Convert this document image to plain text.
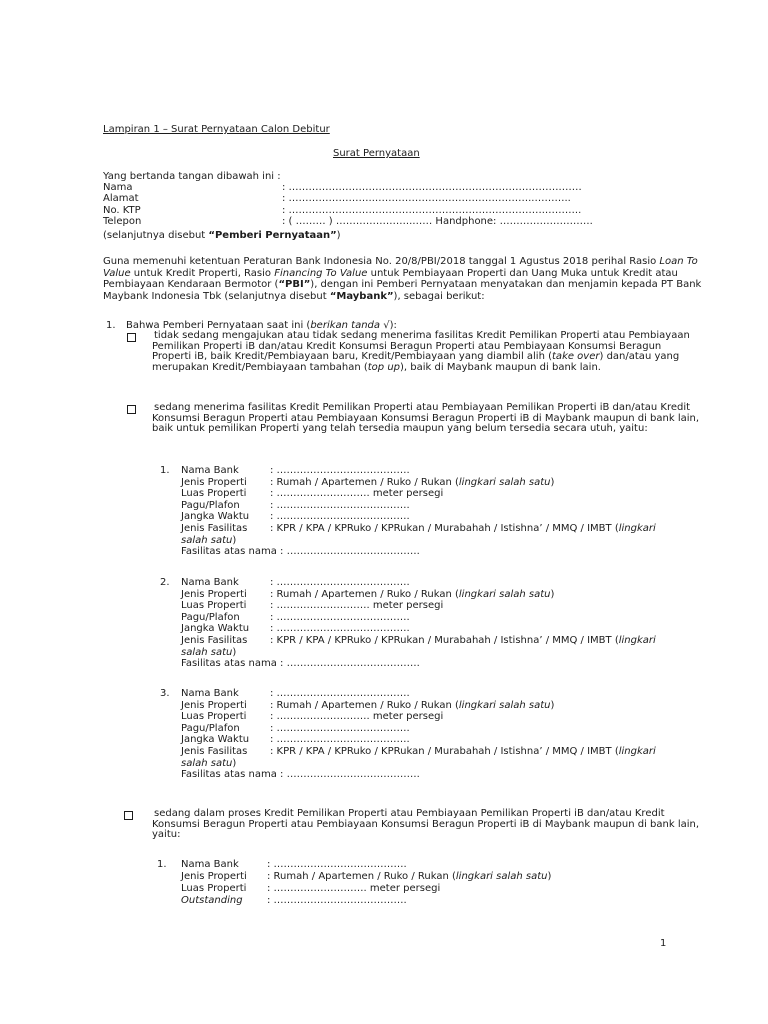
Lampiran 1 – Surat Pernyataan Calon Debitur
Surat Pernyataan
Yang bertanda tangan dibawah ini :
Nama	: ……………………………………………………………………….……
Alamat	: ……………………..……………………………….………..………..
No. KTP	: ……………………………………………………….………….………..
Telepon	: ( ……… ) …………………..…… Handphone: ……………………….
(selanjutnya disebut “Pemberi Pernyataan”)
Guna memenuhi ketentuan Peraturan Bank Indonesia No. 20/8/PBI/2018 tanggal 1 Agustus 2018 perihal Rasio Loan To Value untuk Kredit Properti, Rasio Financing To Value untuk Pembiayaan Properti dan Uang Muka untuk Kredit atau Pembiayaan Kendaraan Bermotor (“PBI”), dengan ini Pemberi Pernyataan menyatakan dan menjamin kepada PT Bank Maybank Indonesia Tbk (selanjutnya disebut “Maybank”), sebagai berikut:
1. Bahwa Pemberi Pernyataan saat ini (berikan tanda √):
tidak sedang mengajukan atau tidak sedang menerima fasilitas Kredit Pemilikan Properti atau Pembiayaan Pemilikan Properti iB dan/atau Kredit Konsumsi Beragun Properti atau Pembiayaan Konsumsi Beragun Properti iB, baik Kredit/Pembiayaan baru, Kredit/Pembiayaan yang diambil alih (take over) dan/atau yang merupakan Kredit/Pembiayaan tambahan (top up), baik di Maybank maupun di bank lain.
sedang menerima fasilitas Kredit Pemilikan Properti atau Pembiayaan Pemilikan Properti iB dan/atau Kredit Konsumsi Beragun Properti atau Pembiayaan Konsumsi Beragun Properti iB di Maybank maupun di bank lain, baik untuk pemilikan Properti yang telah tersedia maupun yang belum tersedia secara utuh, yaitu:
1. Nama Bank	: ………………………………….
Jenis Properti : Rumah / Apartemen / Ruko / Rukan (lingkari salah satu)
Luas Properti : ………………………. meter persegi
Pagu/Plafon	: ………………………………….
Jangka Waktu : ………………………………….
Jenis Fasilitas : KPR / KPA / KPRuko / KPRukan / Murabahah / Istishna’ / MMQ / IMBT (lingkari
salah satu)
Fasilitas atas nama : ………………………………….
2. Nama Bank	: ………………………………….
Jenis Properti : Rumah / Apartemen / Ruko / Rukan (lingkari salah satu)
Luas Properti : ………………………. meter persegi
Pagu/Plafon	: ………………………………….
Jangka Waktu : ………………………………….
Jenis Fasilitas : KPR / KPA / KPRuko / KPRukan / Murabahah / Istishna’ / MMQ / IMBT (lingkari
salah satu)
Fasilitas atas nama : ………………………………….
3. Nama Bank	: ………………………………….
Jenis Properti : Rumah / Apartemen / Ruko / Rukan (lingkari salah satu)
Luas Properti : ………………………. meter persegi
Pagu/Plafon	: ………………………………….
Jangka Waktu : ………………………………….
Jenis Fasilitas : KPR / KPA / KPRuko / KPRukan / Murabahah / Istishna’ / MMQ / IMBT (lingkari
salah satu)
Fasilitas atas nama : ………………………………….
sedang dalam proses Kredit Pemilikan Properti atau Pembiayaan Pemilikan Properti iB dan/atau Kredit Konsumsi Beragun Properti atau Pembiayaan Konsumsi Beragun Properti iB di Maybank maupun di bank lain, yaitu:
1. Nama Bank	: ………………………………….
Jenis Properti : Rumah / Apartemen / Ruko / Rukan (lingkari salah satu)
Luas Properti : ………………………. meter persegi
Outstanding : ………………………………….
1
